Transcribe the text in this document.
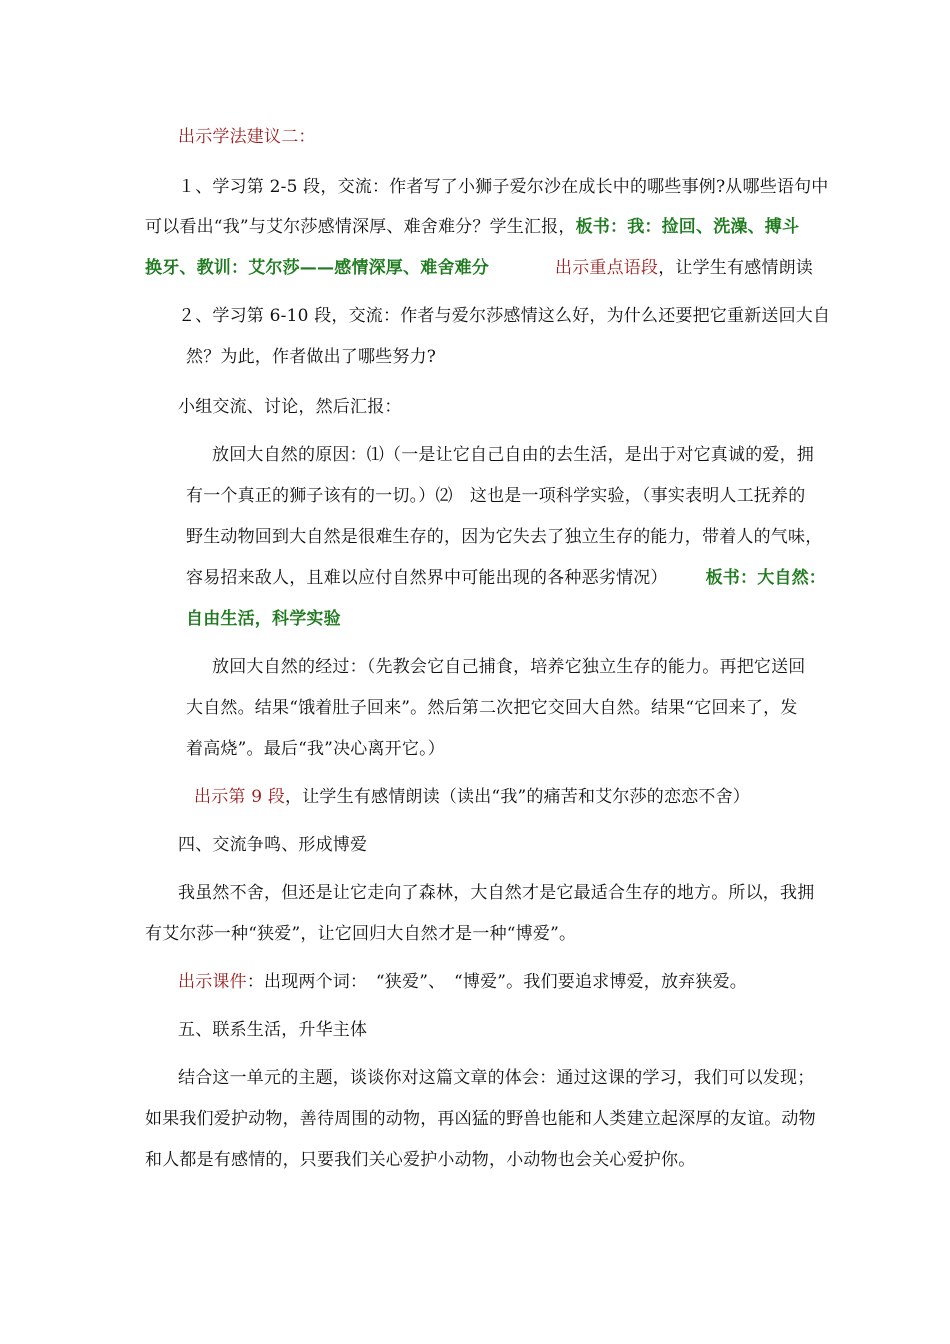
出示学法建议二：
１、学习第 2-5 段，交流：作者写了小狮子爱尔沙在成长中的哪些事例?从哪些语句中
可以看出“我”与艾尔莎感情深厚、难舍难分？学生汇报，板书：我：捡回、洗澡、搏斗
换牙、教训：艾尔莎——感情深厚、难舍难分	出示重点语段，让学生有感情朗读
２、学习第 6-10 段，交流：作者与爱尔莎感情这么好，为什么还要把它重新送回大自
然？为此，作者做出了哪些努力?
小组交流、讨论，然后汇报：
放回大自然的原因：⑴（一是让它自己自由的去生活，是出于对它真诚的爱，拥
有一个真正的狮子该有的一切。）⑵　这也是一项科学实验，（事实表明人工抚养的
野生动物回到大自然是很难生存的，因为它失去了独立生存的能力，带着人的气味，
容易招来敌人，且难以应付自然界中可能出现的各种恶劣情况） 板书：大自然：
自由生活，科学实验
放回大自然的经过：（先教会它自己捕食，培养它独立生存的能力。再把它送回
大自然。结果“饿着肚子回来”。然后第二次把它交回大自然。结果“它回来了，发
着高烧”。最后“我”决心离开它。）
出示第 9 段，让学生有感情朗读（读出“我”的痛苦和艾尔莎的恋恋不舍）
四、交流争鸣、形成博爱
我虽然不舍，但还是让它走向了森林，大自然才是它最适合生存的地方。所以，我拥
有艾尔莎一种“狭爱”，让它回归大自然才是一种“博爱”。
出示课件：出现两个词：　“狭爱”、　“博爱”。我们要追求博爱，放弃狭爱。
五、联系生活，升华主体
结合这一单元的主题，谈谈你对这篇文章的体会：通过这课的学习，我们可以发现；
如果我们爱护动物，善待周围的动物，再凶猛的野兽也能和人类建立起深厚的友谊。动物
和人都是有感情的，只要我们关心爱护小动物，小动物也会关心爱护你。
